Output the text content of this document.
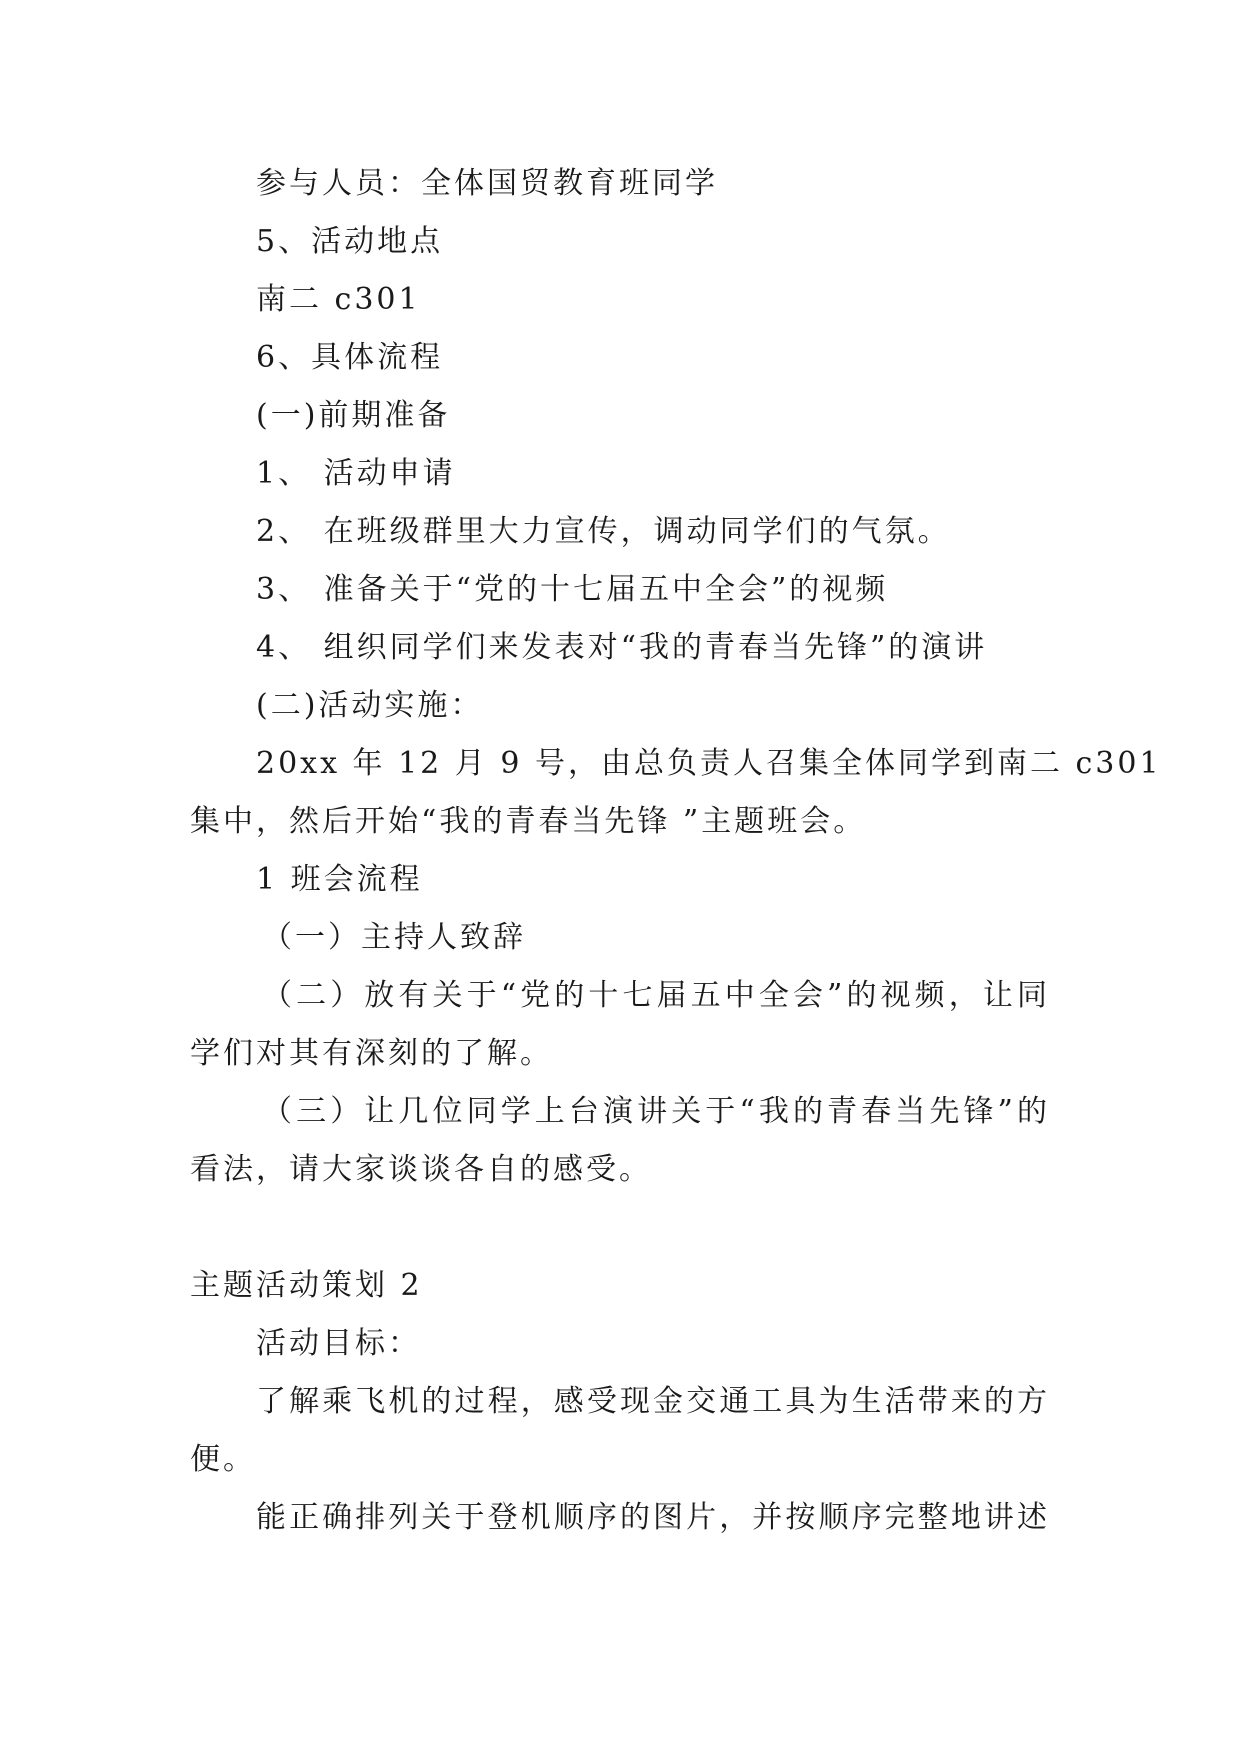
参与人员：全体国贸教育班同学
5、活动地点
南二 c301
6、具体流程
(一)前期准备
1、 活动申请
2、 在班级群里大力宣传，调动同学们的气氛。
3、 准备关于“党的十七届五中全会”的视频
4、 组织同学们来发表对“我的青春当先锋”的演讲
(二)活动实施：
20xx 年 12 月 9 号，由总负责人召集全体同学到南二 c301
集中，然后开始“我的青春当先锋 ”主题班会。
1 班会流程
（一）主持人致辞
（二）放有关于“党的十七届五中全会”的视频，让同
学们对其有深刻的了解。
（三）让几位同学上台演讲关于“我的青春当先锋”的
看法，请大家谈谈各自的感受。
主题活动策划 2
活动目标：
了解乘飞机的过程，感受现金交通工具为生活带来的方
便。
能正确排列关于登机顺序的图片，并按顺序完整地讲述
